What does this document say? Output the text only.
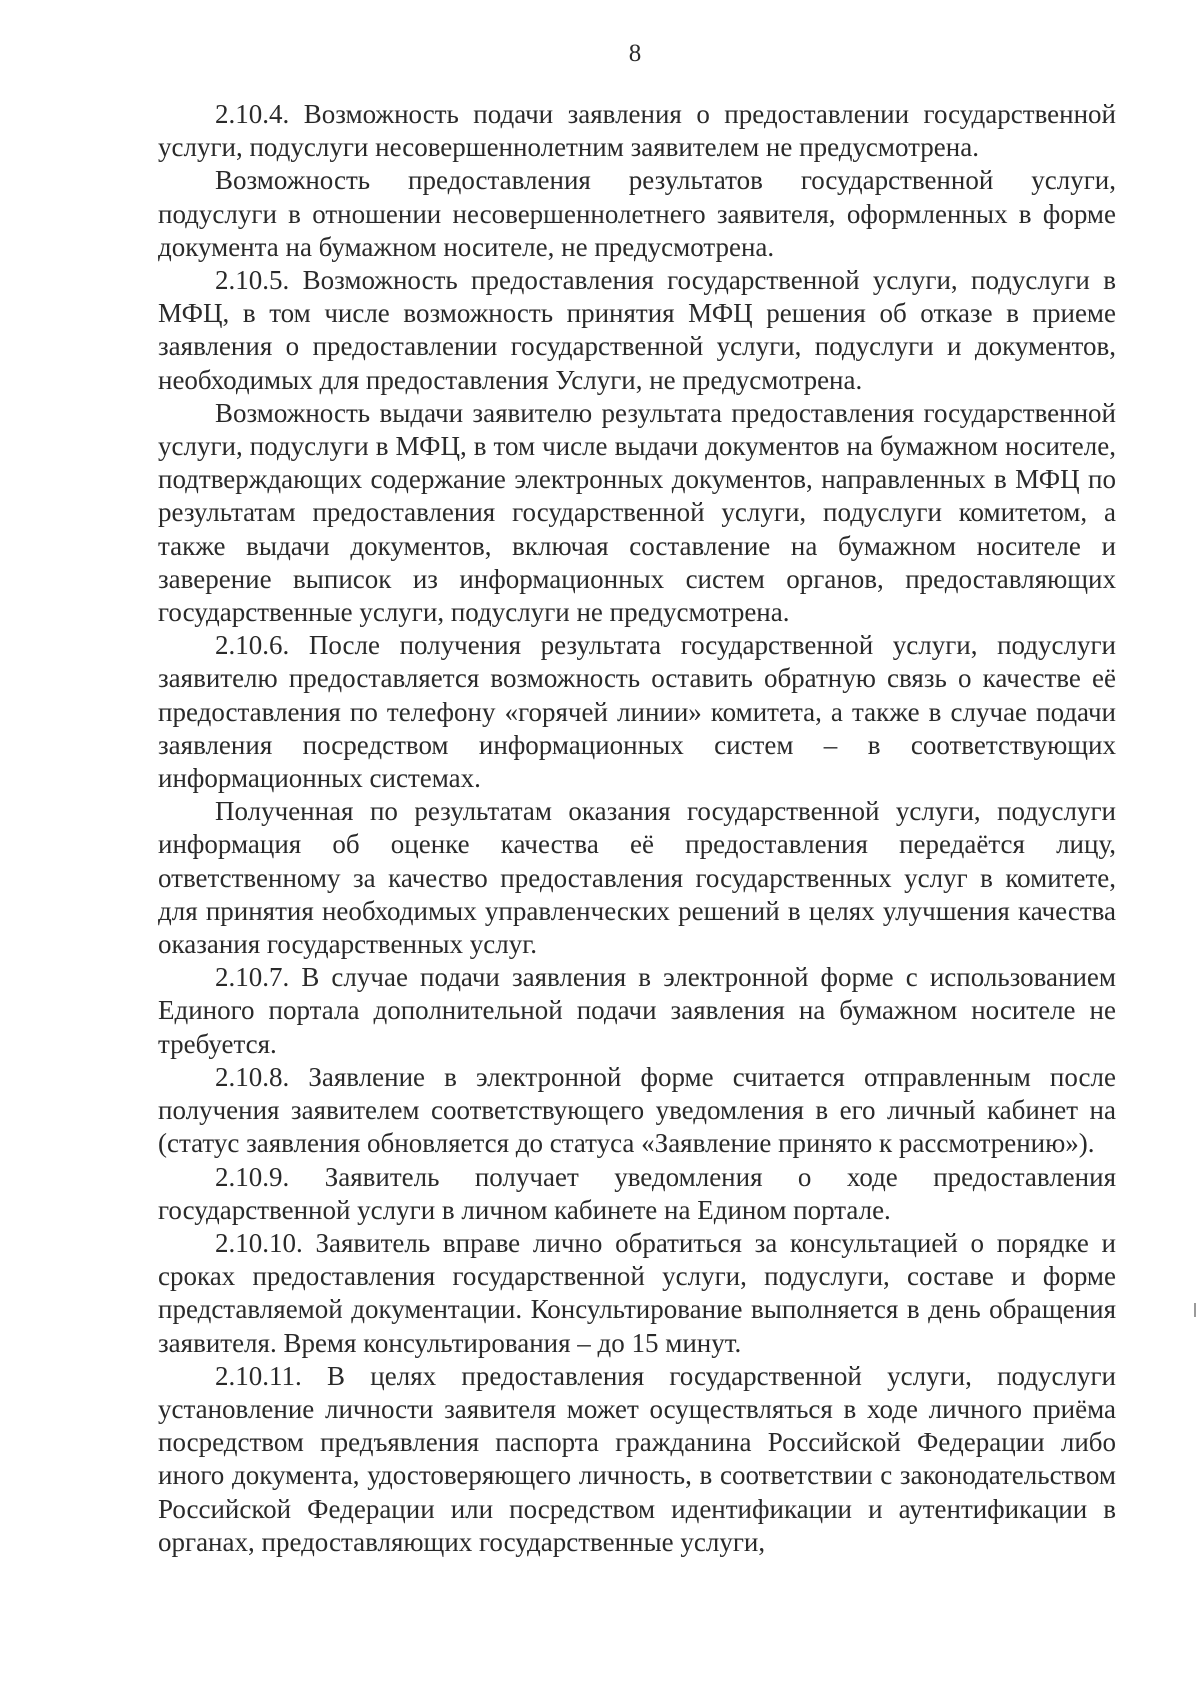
8

2.10.4. Возможность подачи заявления о предоставлении государственной услуги, подуслуги несовершеннолетним заявителем не предусмотрена.

Возможность предоставления результатов государственной услуги, подуслуги в отношении несовершеннолетнего заявителя, оформленных в форме документа на бумажном носителе, не предусмотрена.

2.10.5. Возможность предоставления государственной услуги, подуслуги в МФЦ, в том числе возможность принятия МФЦ решения об отказе в приеме заявления о предоставлении государственной услуги, подуслуги и документов, необходимых для предоставления Услуги, не предусмотрена.

Возможность выдачи заявителю результата предоставления государственной услуги, подуслуги в МФЦ, в том числе выдачи документов на бумажном носителе, подтверждающих содержание электронных документов, направленных в МФЦ по результатам предоставления государственной услуги, подуслуги комитетом, а также выдачи документов, включая составление на бумажном носителе и заверение выписок из информационных систем органов, предоставляющих государственные услуги, подуслуги не предусмотрена.

2.10.6. После получения результата государственной услуги, подуслуги заявителю предоставляется возможность оставить обратную связь о качестве её предоставления по телефону «горячей линии» комитета, а также в случае подачи заявления посредством информационных систем – в соответствующих информационных системах.

Полученная по результатам оказания государственной услуги, подуслуги информация об оценке качества её предоставления передаётся лицу, ответственному за качество предоставления государственных услуг в комитете, для принятия необходимых управленческих решений в целях улучшения качества оказания государственных услуг.

2.10.7. В случае подачи заявления в электронной форме с использованием Единого портала дополнительной подачи заявления на бумажном носителе не требуется.

2.10.8. Заявление в электронной форме считается отправленным после получения заявителем соответствующего уведомления в его личный кабинет на (статус заявления обновляется до статуса «Заявление принято к рассмотрению»).

2.10.9. Заявитель получает уведомления о ходе предоставления государственной услуги в личном кабинете на Едином портале.

2.10.10. Заявитель вправе лично обратиться за консультацией о порядке и сроках предоставления государственной услуги, подуслуги, составе и форме представляемой документации. Консультирование выполняется в день обращения заявителя. Время консультирования – до 15 минут.

2.10.11. В целях предоставления государственной услуги, подуслуги установление личности заявителя может осуществляться в ходе личного приёма посредством предъявления паспорта гражданина Российской Федерации либо иного документа, удостоверяющего личность, в соответствии с законодательством Российской Федерации или посредством идентификации и аутентификации в органах, предоставляющих государственные услуги,
